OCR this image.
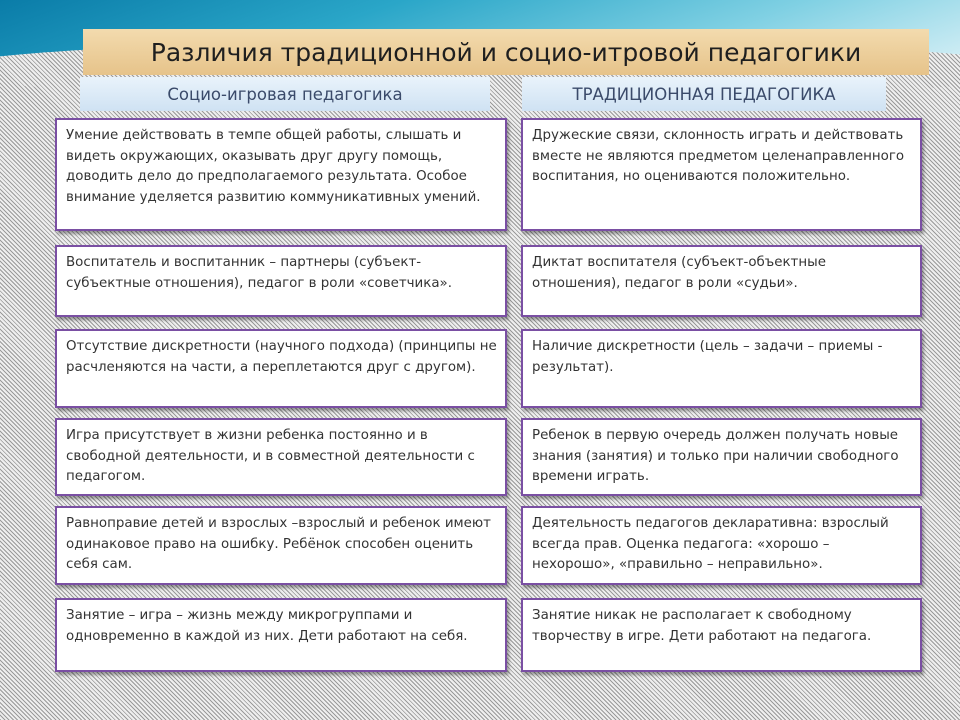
Различия традиционной и социо-итровой педагогики
Социо-игровая педагогика	ТРАДИЦИОННАЯ ПЕДАГОГИКА
Умение действовать в темпе общей работы, слышать и видеть окружающих, оказывать друг другу помощь, доводить дело до предполагаемого результата. Особое внимание уделяется развитию коммуникативных умений.
Дружеские связи, склонность играть и действовать вместе не являются предметом целенаправленного воспитания, но оцениваются положительно.
Воспитатель и воспитанник – партнеры (субъект-субъектные отношения), педагог в роли «советчика».
Диктат воспитателя (субъект-объектные отношения), педагог в роли «судьи».
Отсутствие дискретности (научного подхода) (принципы не расчленяются на части, а переплетаются друг с другом).
Наличие дискретности (цель – задачи – приемы - результат).
Игра присутствует в жизни ребенка постоянно и в свободной деятельности, и в совместной деятельности с педагогом.
Ребенок в первую очередь должен получать новые знания (занятия) и только при наличии свободного времени играть.
Равноправие детей и взрослых –взрослый и ребенок имеют одинаковое право на ошибку. Ребёнок способен оценить себя сам.
Деятельность педагогов декларативна: взрослый всегда прав. Оценка педагога: «хорошо – нехорошо», «правильно – неправильно».
Занятие – игра – жизнь между микрогруппами и одновременно в каждой из них. Дети работают на себя.
Занятие никак не располагает к свободному творчеству в игре. Дети работают на педагога.
